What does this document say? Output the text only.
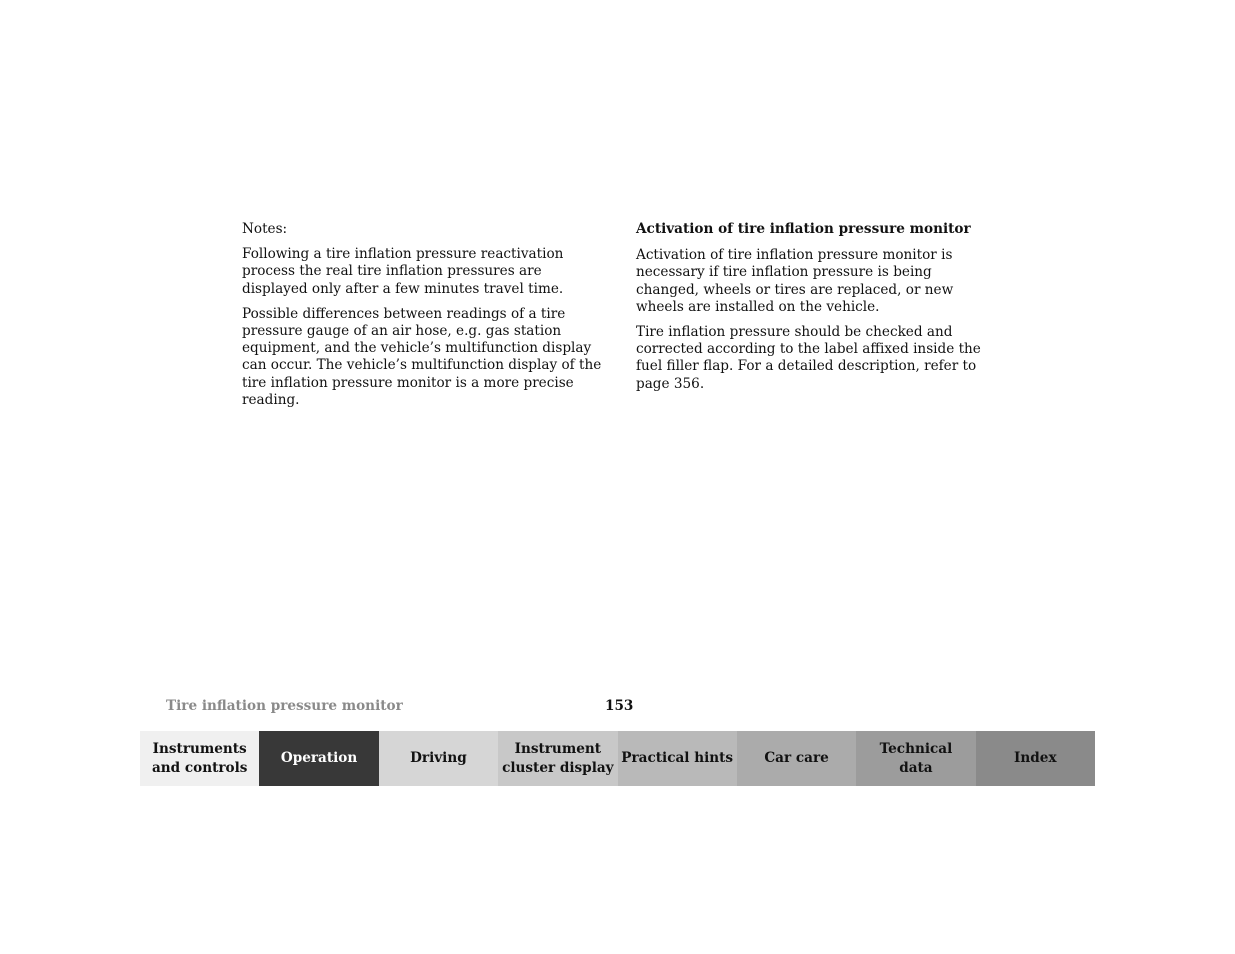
Notes:

Following a tire inflation pressure reactivation process the real tire inflation pressures are displayed only after a few minutes travel time.

Possible differences between readings of a tire pressure gauge of an air hose, e.g. gas station equipment, and the vehicle’s multifunction display can occur. The vehicle’s multifunction display of the tire inflation pressure monitor is a more precise reading.

Activation of tire inflation pressure monitor

Activation of tire inflation pressure monitor is necessary if tire inflation pressure is being changed, wheels or tires are replaced, or new wheels are installed on the vehicle.

Tire inflation pressure should be checked and corrected according to the label affixed inside the fuel filler flap. For a detailed description, refer to page 356.

Tire inflation pressure monitor	153
Instruments
and controls
Operation	Driving
Instrument
cluster display
Practical hints	Car care
Technical
data
Index
